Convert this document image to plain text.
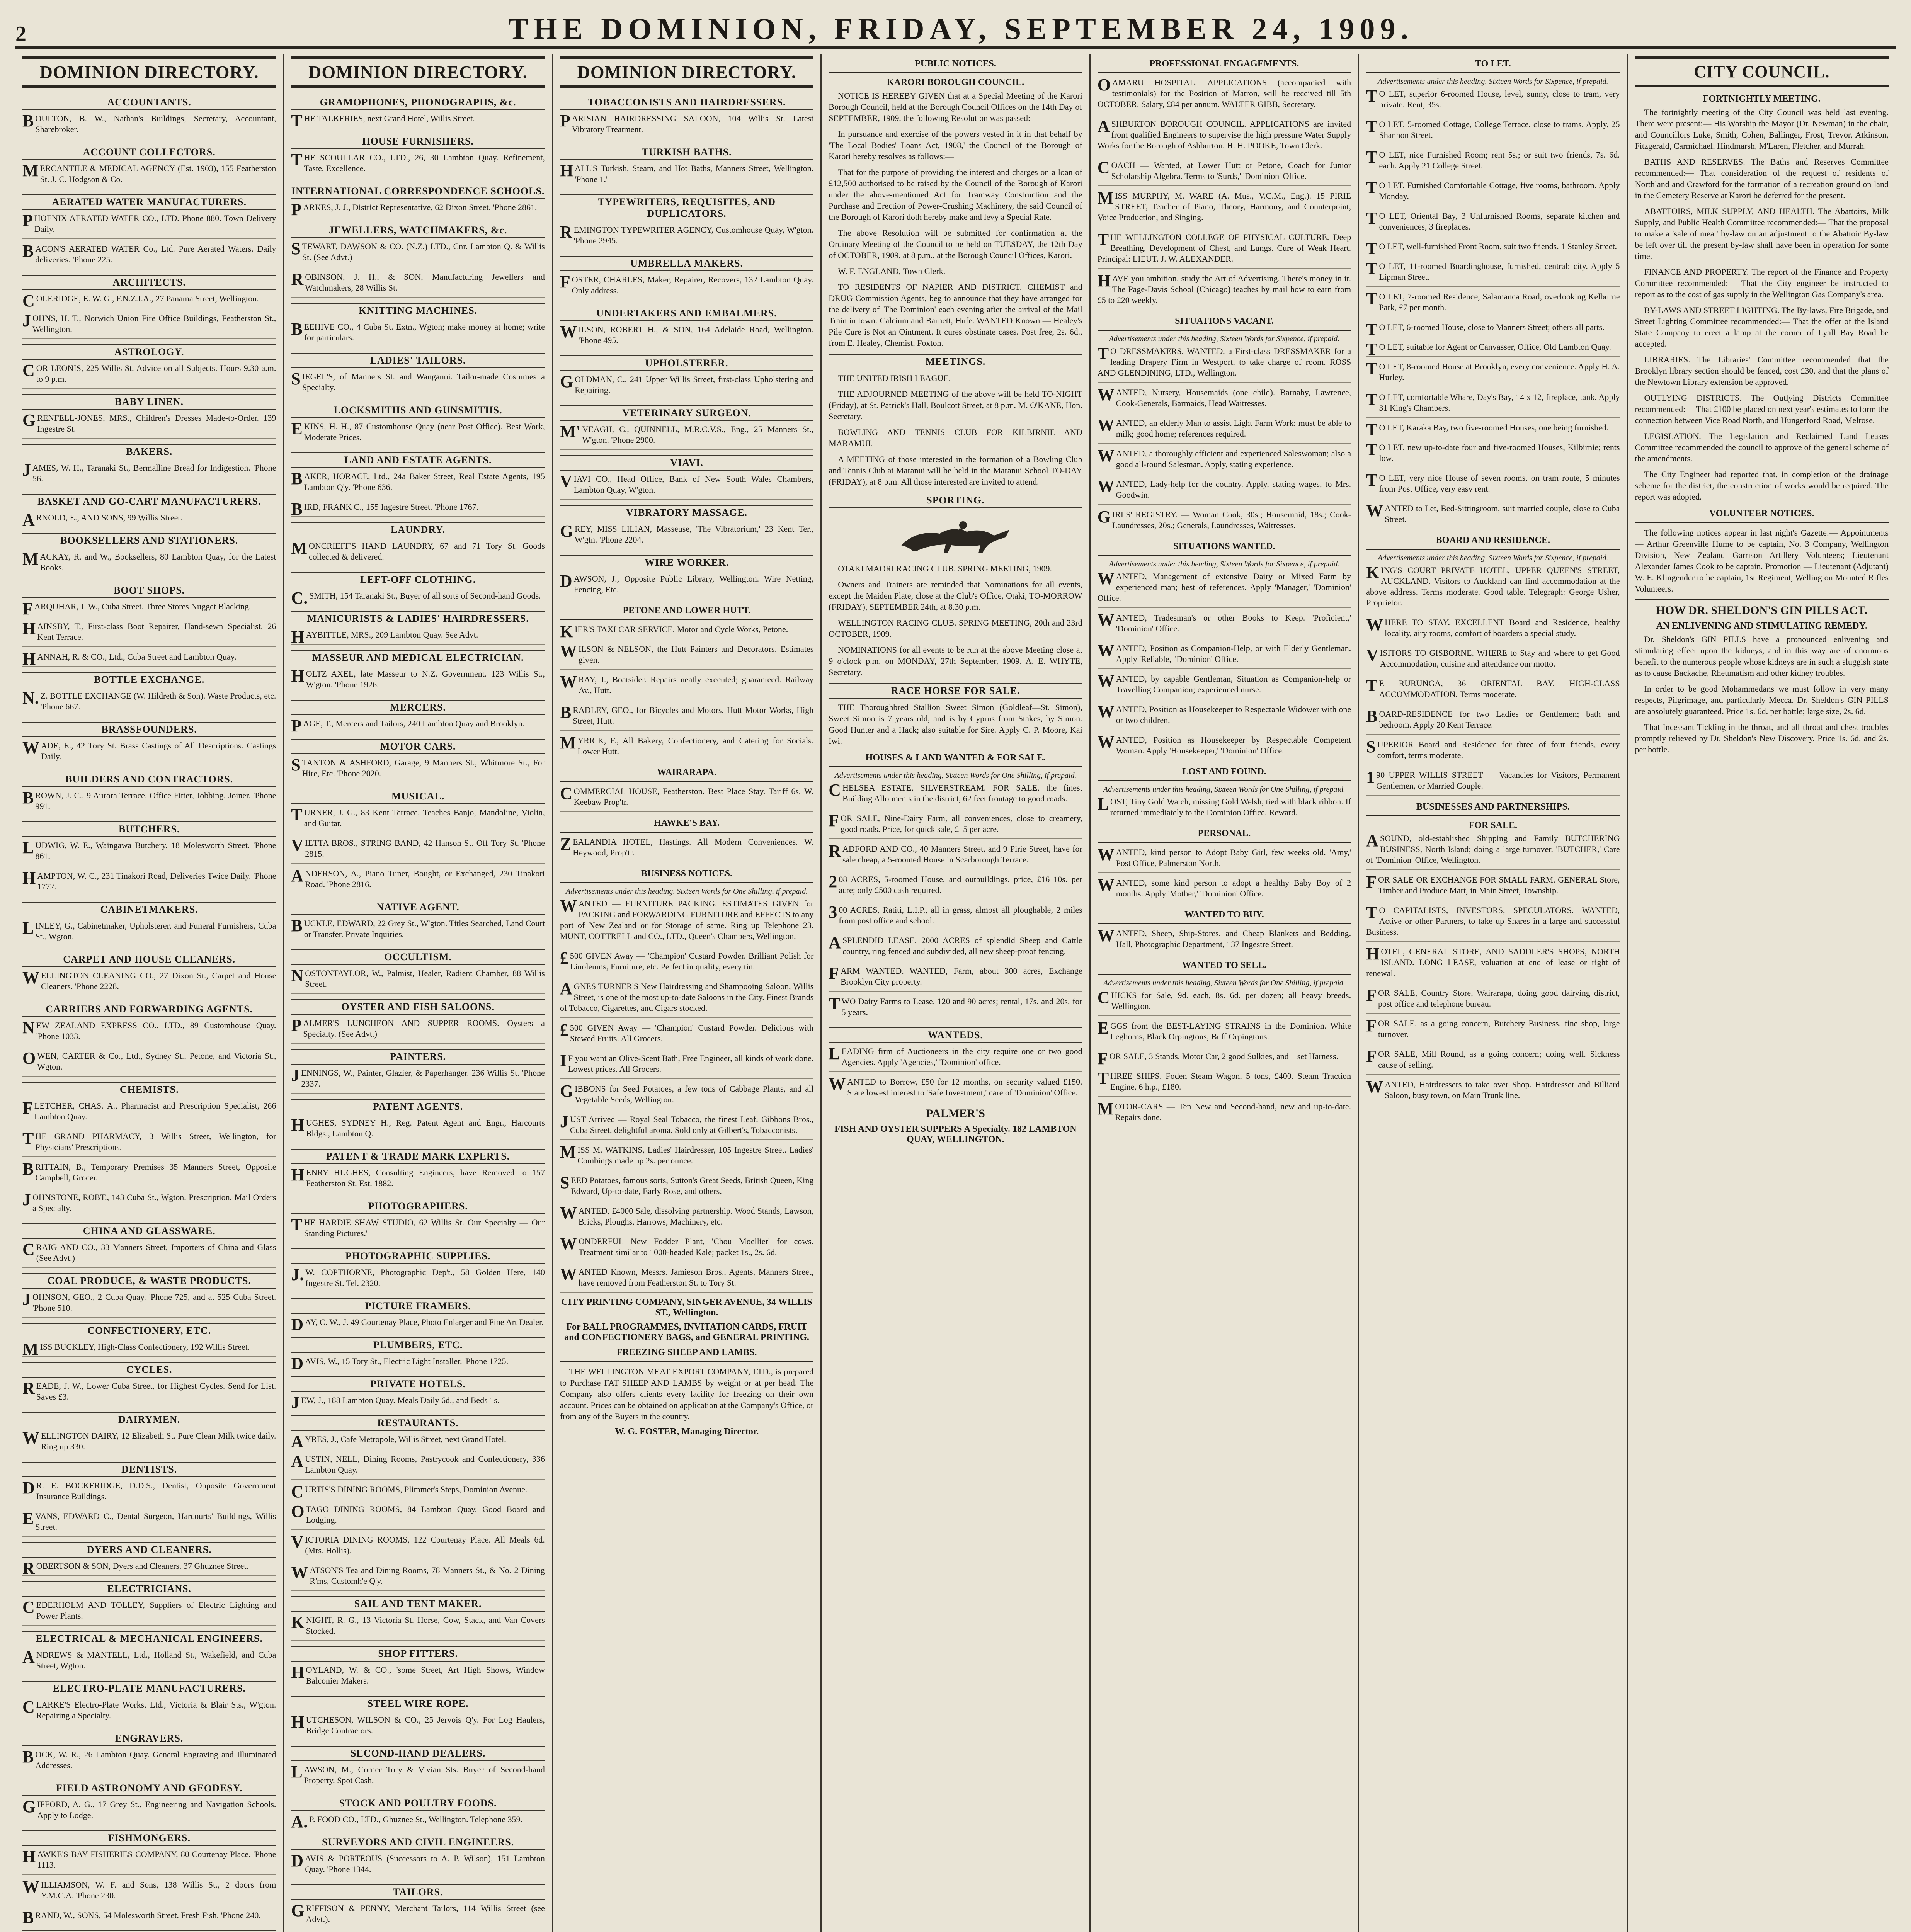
2	THE DOMINION, FRIDAY, SEPTEMBER 24, 1909.
DOMINION DIRECTORY.
ACCOUNTANTS.
BOULTON, B. W., Nathan's Buildings, Secretary, Accountant, Sharebroker.
ACCOUNT COLLECTORS.
MERCANTILE & MEDICAL AGENCY (Est. 1903), 155 Featherston St. J. C. Hodgson & Co.
AERATED WATER MANUFACTURERS.
PHOENIX AERATED WATER CO., LTD. Phone 880. Town Delivery Daily.
BACON'S AERATED WATER Co., Ltd. Pure Aerated Waters. Daily deliveries. 'Phone 225.
ARCHITECTS.
COLERIDGE, E. W. G., F.N.Z.I.A., 27 Panama Street, Wellington.
JOHNS, H. T., Norwich Union Fire Office Buildings, Featherston St., Wellington.
ASTROLOGY.
COR LEONIS, 225 Willis St. Advice on all Subjects. Hours 9.30 a.m. to 9 p.m.
BABY LINEN.
GRENFELL-JONES, MRS., Children's Dresses Made-to-Order. 139 Ingestre St.
BAKERS.
JAMES, W. H., Taranaki St., Bermalline Bread for Indigestion. 'Phone 56.
BASKET AND GO-CART MANUFACTURERS.
ARNOLD, E., AND SONS, 99 Willis Street.
BOOKSELLERS AND STATIONERS.
MACKAY, R. and W., Booksellers, 80 Lambton Quay, for the Latest Books.
BOOT SHOPS.
FARQUHAR, J. W., Cuba Street. Three Stores Nugget Blacking.
HAINSBY, T., First-class Boot Repairer, Hand-sewn Specialist. 26 Kent Terrace.
HANNAH, R. & CO., Ltd., Cuba Street and Lambton Quay.
BOTTLE EXCHANGE.
N.Z. BOTTLE EXCHANGE (W. Hildreth & Son). Waste Products, etc. 'Phone 667.
BRASSFOUNDERS.
WADE, E., 42 Tory St. Brass Castings of All Descriptions. Castings Daily.
BUILDERS AND CONTRACTORS.
BROWN, J. C., 9 Aurora Terrace, Office Fitter, Jobbing, Joiner. 'Phone 991.
BUTCHERS.
LUDWIG, W. E., Waingawa Butchery, 18 Molesworth Street. 'Phone 861.
HAMPTON, W. C., 231 Tinakori Road, Deliveries Twice Daily. 'Phone 1772.
CABINETMAKERS.
LINLEY, G., Cabinetmaker, Upholsterer, and Funeral Furnishers, Cuba St., Wgton.
CARPET AND HOUSE CLEANERS.
WELLINGTON CLEANING CO., 27 Dixon St., Carpet and House Cleaners. 'Phone 2228.
CARRIERS AND FORWARDING AGENTS.
NEW ZEALAND EXPRESS CO., LTD., 89 Customhouse Quay. 'Phone 1033.
OWEN, CARTER & Co., Ltd., Sydney St., Petone, and Victoria St., Wgton.
CHEMISTS.
FLETCHER, CHAS. A., Pharmacist and Prescription Specialist, 266 Lambton Quay.
THE GRAND PHARMACY, 3 Willis Street, Wellington, for Physicians' Prescriptions.
BRITTAIN, B., Temporary Premises 35 Manners Street, Opposite Campbell, Grocer.
JOHNSTONE, ROBT., 143 Cuba St., Wgton. Prescription, Mail Orders a Specialty.
CHINA AND GLASSWARE.
CRAIG AND CO., 33 Manners Street, Importers of China and Glass (See Advt.)
COAL PRODUCE, & WASTE PRODUCTS.
JOHNSON, GEO., 2 Cuba Quay. 'Phone 725, and at 525 Cuba Street. 'Phone 510.
CONFECTIONERY, ETC.
MISS BUCKLEY, High-Class Confectionery, 192 Willis Street.
CYCLES.
READE, J. W., Lower Cuba Street, for Highest Cycles. Send for List. Saves £3.
DAIRYMEN.
WELLINGTON DAIRY, 12 Elizabeth St. Pure Clean Milk twice daily. Ring up 330.
DENTISTS.
DR. E. BOCKERIDGE, D.D.S., Dentist, Opposite Government Insurance Buildings.
EVANS, EDWARD C., Dental Surgeon, Harcourts' Buildings, Willis Street.
DYERS AND CLEANERS.
ROBERTSON & SON, Dyers and Cleaners. 37 Ghuznee Street.
ELECTRICIANS.
CEDERHOLM AND TOLLEY, Suppliers of Electric Lighting and Power Plants.
ELECTRICAL & MECHANICAL ENGINEERS.
ANDREWS & MANTELL, Ltd., Holland St., Wakefield, and Cuba Street, Wgton.
ELECTRO-PLATE MANUFACTURERS.
CLARKE'S Electro-Plate Works, Ltd., Victoria & Blair Sts., W'gton. Repairing a Specialty.
ENGRAVERS.
BOCK, W. R., 26 Lambton Quay. General Engraving and Illuminated Addresses.
FIELD ASTRONOMY AND GEODESY.
GIFFORD, A. G., 17 Grey St., Engineering and Navigation Schools. Apply to Lodge.
FISHMONGERS.
HAWKE'S BAY FISHERIES COMPANY, 80 Courtenay Place. 'Phone 1113.
WILLIAMSON, W. F. and Sons, 138 Willis St., 2 doors from Y.M.C.A. 'Phone 230.
BRAND, W., SONS, 54 Molesworth Street. Fresh Fish. 'Phone 240.
DOMINION DIRECTORY.
GRAMOPHONES, PHONOGRAPHS, &c.
THE TALKERIES, next Grand Hotel, Willis Street.
HOUSE FURNISHERS.
THE SCOULLAR CO., LTD., 26, 30 Lambton Quay. Refinement, Taste, Excellence.
INTERNATIONAL CORRESPONDENCE SCHOOLS.
PARKES, J. J., District Representative, 62 Dixon Street. 'Phone 2861.
JEWELLERS, WATCHMAKERS, &c.
STEWART, DAWSON & CO. (N.Z.) LTD., Cnr. Lambton Q. & Willis St. (See Advt.)
ROBINSON, J. H., & SON, Manufacturing Jewellers and Watchmakers, 28 Willis St.
KNITTING MACHINES.
BEEHIVE CO., 4 Cuba St. Extn., Wgton; make money at home; write for particulars.
LADIES' TAILORS.
SIEGEL'S, of Manners St. and Wanganui. Tailor-made Costumes a Specialty.
LOCKSMITHS AND GUNSMITHS.
EKINS, H. H., 87 Customhouse Quay (near Post Office). Best Work, Moderate Prices.
LAND AND ESTATE AGENTS.
BAKER, HORACE, Ltd., 24a Baker Street, Real Estate Agents, 195 Lambton Q'y. 'Phone 636.
BIRD, FRANK C., 155 Ingestre Street. 'Phone 1767.
LAUNDRY.
MONCRIEFF'S HAND LAUNDRY, 67 and 71 Tory St. Goods collected & delivered.
LEFT-OFF CLOTHING.
C.SMITH, 154 Taranaki St., Buyer of all sorts of Second-hand Goods.
MANICURISTS & LADIES' HAIRDRESSERS.
HAYBITTLE, MRS., 209 Lambton Quay. See Advt.
MASSEUR AND MEDICAL ELECTRICIAN.
HOLTZ AXEL, late Masseur to N.Z. Government. 123 Willis St., W'gton. 'Phone 1926.
MERCERS.
PAGE, T., Mercers and Tailors, 240 Lambton Quay and Brooklyn.
MOTOR CARS.
STANTON & ASHFORD, Garage, 9 Manners St., Whitmore St., For Hire, Etc. 'Phone 2020.
MUSICAL.
TURNER, J. G., 83 Kent Terrace, Teaches Banjo, Mandoline, Violin, and Guitar.
VIETTA BROS., STRING BAND, 42 Hanson St. Off Tory St. 'Phone 2815.
ANDERSON, A., Piano Tuner, Bought, or Exchanged, 230 Tinakori Road. 'Phone 2816.
NATIVE AGENT.
BUCKLE, EDWARD, 22 Grey St., W'gton. Titles Searched, Land Court or Transfer. Private Inquiries.
OCCULTISM.
NOSTONTAYLOR, W., Palmist, Healer, Radient Chamber, 88 Willis Street.
OYSTER AND FISH SALOONS.
PALMER'S LUNCHEON AND SUPPER ROOMS. Oysters a Specialty. (See Advt.)
PAINTERS.
JENNINGS, W., Painter, Glazier, & Paperhanger. 236 Willis St. 'Phone 2337.
PATENT AGENTS.
HUGHES, SYDNEY H., Reg. Patent Agent and Engr., Harcourts Bldgs., Lambton Q.
PATENT & TRADE MARK EXPERTS.
HENRY HUGHES, Consulting Engineers, have Removed to 157 Featherston St. Est. 1882.
PHOTOGRAPHERS.
THE HARDIE SHAW STUDIO, 62 Willis St. Our Specialty — Our Standing Pictures.'
PHOTOGRAPHIC SUPPLIES.
J.W. COPTHORNE, Photographic Dep't., 58 Golden Here, 140 Ingestre St. Tel. 2320.
PICTURE FRAMERS.
DAY, C. W., J. 49 Courtenay Place, Photo Enlarger and Fine Art Dealer.
PLUMBERS, ETC.
DAVIS, W., 15 Tory St., Electric Light Installer. 'Phone 1725.
PRIVATE HOTELS.
JEW, J., 188 Lambton Quay. Meals Daily 6d., and Beds 1s.
RESTAURANTS.
AYRES, J., Cafe Metropole, Willis Street, next Grand Hotel.
AUSTIN, NELL, Dining Rooms, Pastrycook and Confectionery, 336 Lambton Quay.
CURTIS'S DINING ROOMS, Plimmer's Steps, Dominion Avenue.
OTAGO DINING ROOMS, 84 Lambton Quay. Good Board and Lodging.
VICTORIA DINING ROOMS, 122 Courtenay Place. All Meals 6d. (Mrs. Hollis).
WATSON'S Tea and Dining Rooms, 78 Manners St., & No. 2 Dining R'ms, Customh'e Q'y.
SAIL AND TENT MAKER.
KNIGHT, R. G., 13 Victoria St. Horse, Cow, Stack, and Van Covers Stocked.
SHOP FITTERS.
HOYLAND, W. & CO., 'some Street, Art High Shows, Window Balconier Makers.
STEEL WIRE ROPE.
HUTCHESON, WILSON & CO., 25 Jervois Q'y. For Log Haulers, Bridge Contractors.
SECOND-HAND DEALERS.
LAWSON, M., Corner Tory & Vivian Sts. Buyer of Second-hand Property. Spot Cash.
STOCK AND POULTRY FOODS.
A.P. FOOD CO., LTD., Ghuznee St., Wellington. Telephone 359.
SURVEYORS AND CIVIL ENGINEERS.
DAVIS & PORTEOUS (Successors to A. P. Wilson), 151 Lambton Quay. 'Phone 1344.
TAILORS.
GRIFFISON & PENNY, Merchant Tailors, 114 Willis Street (see Advt.).
DOMINION DIRECTORY.
TOBACCONISTS AND HAIRDRESSERS.
PARISIAN HAIRDRESSING SALOON, 104 Willis St. Latest Vibratory Treatment.
TURKISH BATHS.
HALL'S Turkish, Steam, and Hot Baths, Manners Street, Wellington. 'Phone 1.'
TYPEWRITERS, REQUISITES, AND DUPLICATORS.
REMINGTON TYPEWRITER AGENCY, Customhouse Quay, W'gton. 'Phone 2945.
UMBRELLA MAKERS.
FOSTER, CHARLES, Maker, Repairer, Recovers, 132 Lambton Quay. Only address.
UNDERTAKERS AND EMBALMERS.
WILSON, ROBERT H., & SON, 164 Adelaide Road, Wellington. 'Phone 495.
UPHOLSTERER.
GOLDMAN, C., 241 Upper Willis Street, first-class Upholstering and Repairing.
VETERINARY SURGEON.
M'VEAGH, C., QUINNELL, M.R.C.V.S., Eng., 25 Manners St., W'gton. 'Phone 2900.
VIAVI.
VIAVI CO., Head Office, Bank of New South Wales Chambers, Lambton Quay, W'gton.
VIBRATORY MASSAGE.
GREY, MISS LILIAN, Masseuse, 'The Vibratorium,' 23 Kent Ter., W'gtn. 'Phone 2204.
WIRE WORKER.
DAWSON, J., Opposite Public Library, Wellington. Wire Netting, Fencing, Etc.
PETONE AND LOWER HUTT.
KIER'S TAXI CAR SERVICE. Motor and Cycle Works, Petone.
WILSON & NELSON, the Hutt Painters and Decorators. Estimates given.
WRAY, J., Boatsider. Repairs neatly executed; guaranteed. Railway Av., Hutt.
BRADLEY, GEO., for Bicycles and Motors. Hutt Motor Works, High Street, Hutt.
MYRICK, F., All Bakery, Confectionery, and Catering for Socials. Lower Hutt.
WAIRARAPA.
COMMERCIAL HOUSE, Featherston. Best Place Stay. Tariff 6s. W. Keebaw Prop'tr.
HAWKE'S BAY.
ZEALANDIA HOTEL, Hastings. All Modern Conveniences. W. Heywood, Prop'tr.
BUSINESS NOTICES.
Advertisements under this heading, Sixteen Words for One Shilling, if prepaid.
WANTED — FURNITURE PACKING. ESTIMATES GIVEN for PACKING and FORWARDING FURNITURE and EFFECTS to any port of New Zealand or for Storage of same. Ring up Telephone 23. MUNT, COTTRELL and CO., LTD., Queen's Chambers, Wellington.
£500 GIVEN Away — 'Champion' Custard Powder. Brilliant Polish for Linoleums, Furniture, etc. Perfect in quality, every tin.
AGNES TURNER'S New Hairdressing and Shampooing Saloon, Willis Street, is one of the most up-to-date Saloons in the City. Finest Brands of Tobacco, Cigarettes, and Cigars stocked.
£500 GIVEN Away — 'Champion' Custard Powder. Delicious with Stewed Fruits. All Grocers.
IF you want an Olive-Scent Bath, Free Engineer, all kinds of work done. Lowest prices. All Grocers.
GIBBONS for Seed Potatoes, a few tons of Cabbage Plants, and all Vegetable Seeds, Wellington.
JUST Arrived — Royal Seal Tobacco, the finest Leaf. Gibbons Bros., Cuba Street, delightful aroma. Sold only at Gilbert's, Tobacconists.
MISS M. WATKINS, Ladies' Hairdresser, 105 Ingestre Street. Ladies' Combings made up 2s. per ounce.
SEED Potatoes, famous sorts, Sutton's Great Seeds, British Queen, King Edward, Up-to-date, Early Rose, and others.
WANTED, £4000 Sale, dissolving partnership. Wood Stands, Lawson, Bricks, Ploughs, Harrows, Machinery, etc.
WONDERFUL New Fodder Plant, 'Chou Moellier' for cows. Treatment similar to 1000-headed Kale; packet 1s., 2s. 6d.
WANTED Known, Messrs. Jamieson Bros., Agents, Manners Street, have removed from Featherston St. to Tory St.
CITY PRINTING COMPANY, SINGER AVENUE, 34 WILLIS ST., Wellington.
For BALL PROGRAMMES, INVITATION CARDS, FRUIT and CONFECTIONERY BAGS, and GENERAL PRINTING.
FREEZING SHEEP AND LAMBS.
THE WELLINGTON MEAT EXPORT COMPANY, LTD., is prepared to Purchase FAT SHEEP AND LAMBS by weight or at per head. The Company also offers clients every facility for freezing on their own account. Prices can be obtained on application at the Company's Office, or from any of the Buyers in the country.
W. G. FOSTER, Managing Director.
PUBLIC NOTICES.
KARORI BOROUGH COUNCIL.
NOTICE IS HEREBY GIVEN that at a Special Meeting of the Karori Borough Council, held at the Borough Council Offices on the 14th Day of SEPTEMBER, 1909, the following Resolution was passed:—
In pursuance and exercise of the powers vested in it in that behalf by 'The Local Bodies' Loans Act, 1908,' the Council of the Borough of Karori hereby resolves as follows:—
That for the purpose of providing the interest and charges on a loan of £12,500 authorised to be raised by the Council of the Borough of Karori under the above-mentioned Act for Tramway Construction and the Purchase and Erection of Power-Crushing Machinery, the said Council of the Borough of Karori doth hereby make and levy a Special Rate.
The above Resolution will be submitted for confirmation at the Ordinary Meeting of the Council to be held on TUESDAY, the 12th Day of OCTOBER, 1909, at 8 p.m., at the Borough Council Offices, Karori.
W. F. ENGLAND, Town Clerk.
TO RESIDENTS OF NAPIER AND DISTRICT. CHEMIST and DRUG Commission Agents, beg to announce that they have arranged for the delivery of 'The Dominion' each evening after the arrival of the Mail Train in town. Calcium and Barnett, Hufe. WANTED Known — Healey's Pile Cure is Not an Ointment. It cures obstinate cases. Post free, 2s. 6d., from E. Healey, Chemist, Foxton.
MEETINGS.
THE UNITED IRISH LEAGUE.
THE ADJOURNED MEETING of the above will be held TO-NIGHT (Friday), at St. Patrick's Hall, Boulcott Street, at 8 p.m. M. O'KANE, Hon. Secretary.
BOWLING AND TENNIS CLUB FOR KILBIRNIE AND MARAMUI.
A MEETING of those interested in the formation of a Bowling Club and Tennis Club at Maranui will be held in the Maranui School TO-DAY (FRIDAY), at 8 p.m. All those interested are invited to attend.
SPORTING.
OTAKI MAORI RACING CLUB. SPRING MEETING, 1909.
Owners and Trainers are reminded that Nominations for all events, except the Maiden Plate, close at the Club's Office, Otaki, TO-MORROW (FRIDAY), SEPTEMBER 24th, at 8.30 p.m.
WELLINGTON RACING CLUB. SPRING MEETING, 20th and 23rd OCTOBER, 1909.
NOMINATIONS for all events to be run at the above Meeting close at 9 o'clock p.m. on MONDAY, 27th September, 1909. A. E. WHYTE, Secretary.
RACE HORSE FOR SALE.
THE Thoroughbred Stallion Sweet Simon (Goldleaf—St. Simon), Sweet Simon is 7 years old, and is by Cyprus from Stakes, by Simon. Good Hunter and a Hack; also suitable for Sire. Apply C. P. Moore, Kai Iwi.
HOUSES & LAND WANTED & FOR SALE.
Advertisements under this heading, Sixteen Words for One Shilling, if prepaid.
CHELSEA ESTATE, SILVERSTREAM. FOR SALE, the finest Building Allotments in the district, 62 feet frontage to good roads.
FOR SALE, Nine-Dairy Farm, all conveniences, close to creamery, good roads. Price, for quick sale, £15 per acre.
RADFORD AND CO., 40 Manners Street, and 9 Pirie Street, have for sale cheap, a 5-roomed House in Scarborough Terrace.
208 ACRES, 5-roomed House, and outbuildings, price, £16 10s. per acre; only £500 cash required.
300 ACRES, Ratiti, L.I.P., all in grass, almost all ploughable, 2 miles from post office and school.
ASPLENDID LEASE. 2000 ACRES of splendid Sheep and Cattle country, ring fenced and subdivided, all new sheep-proof fencing.
FARM WANTED. WANTED, Farm, about 300 acres, Exchange Brooklyn City property.
TWO Dairy Farms to Lease. 120 and 90 acres; rental, 17s. and 20s. for 5 years.
WANTEDS.
LEADING firm of Auctioneers in the city require one or two good Agencies. Apply 'Agencies,' 'Dominion' office.
WANTED to Borrow, £50 for 12 months, on security valued £150. State lowest interest to 'Safe Investment,' care of 'Dominion' Office.
PALMER'S
FISH AND OYSTER SUPPERS A Specialty. 182 LAMBTON QUAY, WELLINGTON.
PROFESSIONAL ENGAGEMENTS.
OAMARU HOSPITAL. APPLICATIONS (accompanied with testimonials) for the Position of Matron, will be received till 5th OCTOBER. Salary, £84 per annum. WALTER GIBB, Secretary.
ASHBURTON BOROUGH COUNCIL. APPLICATIONS are invited from qualified Engineers to supervise the high pressure Water Supply Works for the Borough of Ashburton. H. H. POOKE, Town Clerk.
COACH — Wanted, at Lower Hutt or Petone, Coach for Junior Scholarship Algebra. Terms to 'Surds,' 'Dominion' Office.
MISS MURPHY, M. WARE (A. Mus., V.C.M., Eng.). 15 PIRIE STREET, Teacher of Piano, Theory, Harmony, and Counterpoint, Voice Production, and Singing.
THE WELLINGTON COLLEGE OF PHYSICAL CULTURE. Deep Breathing, Development of Chest, and Lungs. Cure of Weak Heart. Principal: LIEUT. J. W. ALEXANDER.
HAVE you ambition, study the Art of Advertising. There's money in it. The Page-Davis School (Chicago) teaches by mail how to earn from £5 to £20 weekly.
SITUATIONS VACANT.
Advertisements under this heading, Sixteen Words for Sixpence, if prepaid.
TO DRESSMAKERS. WANTED, a First-class DRESSMAKER for a leading Drapery Firm in Westport, to take charge of room. ROSS AND GLENDINING, LTD., Wellington.
WANTED, Nursery, Housemaids (one child). Barnaby, Lawrence, Cook-Generals, Barmaids, Head Waitresses.
WANTED, an elderly Man to assist Light Farm Work; must be able to milk; good home; references required.
WANTED, a thoroughly efficient and experienced Saleswoman; also a good all-round Salesman. Apply, stating experience.
WANTED, Lady-help for the country. Apply, stating wages, to Mrs. Goodwin.
GIRLS' REGISTRY. — Woman Cook, 30s.; Housemaid, 18s.; Cook-Laundresses, 20s.; Generals, Laundresses, Waitresses.
SITUATIONS WANTED.
Advertisements under this heading, Sixteen Words for Sixpence, if prepaid.
WANTED, Management of extensive Dairy or Mixed Farm by experienced man; best of references. Apply 'Manager,' 'Dominion' Office.
WANTED, Tradesman's or other Books to Keep. 'Proficient,' 'Dominion' Office.
WANTED, Position as Companion-Help, or with Elderly Gentleman. Apply 'Reliable,' 'Dominion' Office.
WANTED, by capable Gentleman, Situation as Companion-help or Travelling Companion; experienced nurse.
WANTED, Position as Housekeeper to Respectable Widower with one or two children.
WANTED, Position as Housekeeper by Respectable Competent Woman. Apply 'Housekeeper,' 'Dominion' Office.
LOST AND FOUND.
Advertisements under this heading, Sixteen Words for One Shilling, if prepaid.
LOST, Tiny Gold Watch, missing Gold Welsh, tied with black ribbon. If returned immediately to the Dominion Office, Reward.
PERSONAL.
WANTED, kind person to Adopt Baby Girl, few weeks old. 'Amy,' Post Office, Palmerston North.
WANTED, some kind person to adopt a healthy Baby Boy of 2 months. Apply 'Mother,' 'Dominion' Office.
WANTED TO BUY.
WANTED, Sheep, Ship-Stores, and Cheap Blankets and Bedding. Hall, Photographic Department, 137 Ingestre Street.
WANTED TO SELL.
Advertisements under this heading, Sixteen Words for One Shilling, if prepaid.
CHICKS for Sale, 9d. each, 8s. 6d. per dozen; all heavy breeds. Wellington.
EGGS from the BEST-LAYING STRAINS in the Dominion. White Leghorns, Black Orpingtons, Buff Orpingtons.
FOR SALE, 3 Stands, Motor Car, 2 good Sulkies, and 1 set Harness.
THREE SHIPS. Foden Steam Wagon, 5 tons, £400. Steam Traction Engine, 6 h.p., £180.
MOTOR-CARS — Ten New and Second-hand, new and up-to-date. Repairs done.
TO LET.
Advertisements under this heading, Sixteen Words for Sixpence, if prepaid.
TO LET, superior 6-roomed House, level, sunny, close to tram, very private. Rent, 35s.
TO LET, 5-roomed Cottage, College Terrace, close to trams. Apply, 25 Shannon Street.
TO LET, nice Furnished Room; rent 5s.; or suit two friends, 7s. 6d. each. Apply 21 College Street.
TO LET, Furnished Comfortable Cottage, five rooms, bathroom. Apply Monday.
TO LET, Oriental Bay, 3 Unfurnished Rooms, separate kitchen and conveniences, 3 fireplaces.
TO LET, well-furnished Front Room, suit two friends. 1 Stanley Street.
TO LET, 11-roomed Boardinghouse, furnished, central; city. Apply 5 Lipman Street.
TO LET, 7-roomed Residence, Salamanca Road, overlooking Kelburne Park, £7 per month.
TO LET, 6-roomed House, close to Manners Street; others all parts.
TO LET, suitable for Agent or Canvasser, Office, Old Lambton Quay.
TO LET, 8-roomed House at Brooklyn, every convenience. Apply H. A. Hurley.
TO LET, comfortable Whare, Day's Bay, 14 x 12, fireplace, tank. Apply 31 King's Chambers.
TO LET, Karaka Bay, two five-roomed Houses, one being furnished.
TO LET, new up-to-date four and five-roomed Houses, Kilbirnie; rents low.
TO LET, very nice House of seven rooms, on tram route, 5 minutes from Post Office, very easy rent.
WANTED to Let, Bed-Sittingroom, suit married couple, close to Cuba Street.
BOARD AND RESIDENCE.
Advertisements under this heading, Sixteen Words for Sixpence, if prepaid.
KING'S COURT PRIVATE HOTEL, UPPER QUEEN'S STREET, AUCKLAND. Visitors to Auckland can find accommodation at the above address. Terms moderate. Good table. Telegraph: George Usher, Proprietor.
WHERE TO STAY. EXCELLENT Board and Residence, healthy locality, airy rooms, comfort of boarders a special study.
VISITORS TO GISBORNE. WHERE to Stay and where to get Good Accommodation, cuisine and attendance our motto.
TE RURUNGA, 36 ORIENTAL BAY. HIGH-CLASS ACCOMMODATION. Terms moderate.
BOARD-RESIDENCE for two Ladies or Gentlemen; bath and bedroom. Apply 20 Kent Terrace.
SUPERIOR Board and Residence for three of four friends, every comfort, terms moderate.
190 UPPER WILLIS STREET — Vacancies for Visitors, Permanent Gentlemen, or Married Couple.
BUSINESSES AND PARTNERSHIPS.
FOR SALE.
ASOUND, old-established Shipping and Family BUTCHERING BUSINESS, North Island; doing a large turnover. 'BUTCHER,' Care of 'Dominion' Office, Wellington.
FOR SALE OR EXCHANGE FOR SMALL FARM. GENERAL Store, Timber and Produce Mart, in Main Street, Township.
TO CAPITALISTS, INVESTORS, SPECULATORS. WANTED, Active or other Partners, to take up Shares in a large and successful Business.
HOTEL, GENERAL STORE, AND SADDLER'S SHOPS, NORTH ISLAND. LONG LEASE, valuation at end of lease or right of renewal.
FOR SALE, Country Store, Wairarapa, doing good dairying district, post office and telephone bureau.
FOR SALE, as a going concern, Butchery Business, fine shop, large turnover.
FOR SALE, Mill Round, as a going concern; doing well. Sickness cause of selling.
WANTED, Hairdressers to take over Shop. Hairdresser and Billiard Saloon, busy town, on Main Trunk line.
CITY COUNCIL.
FORTNIGHTLY MEETING.
The fortnightly meeting of the City Council was held last evening. There were present:— His Worship the Mayor (Dr. Newman) in the chair, and Councillors Luke, Smith, Cohen, Ballinger, Frost, Trevor, Atkinson, Fitzgerald, Carmichael, Hindmarsh, M'Laren, Fletcher, and Murrah.
BATHS AND RESERVES. The Baths and Reserves Committee recommended:— That consideration of the request of residents of Northland and Crawford for the formation of a recreation ground on land in the Cemetery Reserve at Karori be deferred for the present.
ABATTOIRS, MILK SUPPLY, AND HEALTH. The Abattoirs, Milk Supply, and Public Health Committee recommended:— That the proposal to make a 'sale of meat' by-law on an adjustment to the Abattoir By-law be left over till the present by-law shall have been in operation for some time.
FINANCE AND PROPERTY. The report of the Finance and Property Committee recommended:— That the City engineer be instructed to report as to the cost of gas supply in the Wellington Gas Company's area.
BY-LAWS AND STREET LIGHTING. The By-laws, Fire Brigade, and Street Lighting Committee recommended:— That the offer of the Island State Company to erect a lamp at the corner of Lyall Bay Road be accepted.
LIBRARIES. The Libraries' Committee recommended that the Brooklyn library section should be fenced, cost £30, and that the plans of the Newtown Library extension be approved.
OUTLYING DISTRICTS. The Outlying Districts Committee recommended:— That £100 be placed on next year's estimates to form the connection between Vice Road North, and Hungerford Road, Melrose.
LEGISLATION. The Legislation and Reclaimed Land Leases Committee recommended the council to approve of the general scheme of the amendments.
The City Engineer had reported that, in completion of the drainage scheme for the district, the construction of works would be required. The report was adopted.
VOLUNTEER NOTICES.
The following notices appear in last night's Gazette:— Appointments — Arthur Greenville Hume to be captain, No. 3 Company, Wellington Division, New Zealand Garrison Artillery Volunteers; Lieutenant Alexander James Cook to be captain. Promotion — Lieutenant (Adjutant) W. E. Klingender to be captain, 1st Regiment, Wellington Mounted Rifles Volunteers.
HOW DR. SHELDON'S GIN PILLS ACT.
AN ENLIVENING AND STIMULATING REMEDY.
Dr. Sheldon's GIN PILLS have a pronounced enlivening and stimulating effect upon the kidneys, and in this way are of enormous benefit to the numerous people whose kidneys are in such a sluggish state as to cause Backache, Rheumatism and other kidney troubles.
In order to be good Mohammedans we must follow in very many respects, Pilgrimage, and particularly Mecca. Dr. Sheldon's GIN PILLS are absolutely guaranteed. Price 1s. 6d. per bottle; large size, 2s. 6d.
That Incessant Tickling in the throat, and all throat and chest troubles promptly relieved by Dr. Sheldon's New Discovery. Price 1s. 6d. and 2s. per bottle.
